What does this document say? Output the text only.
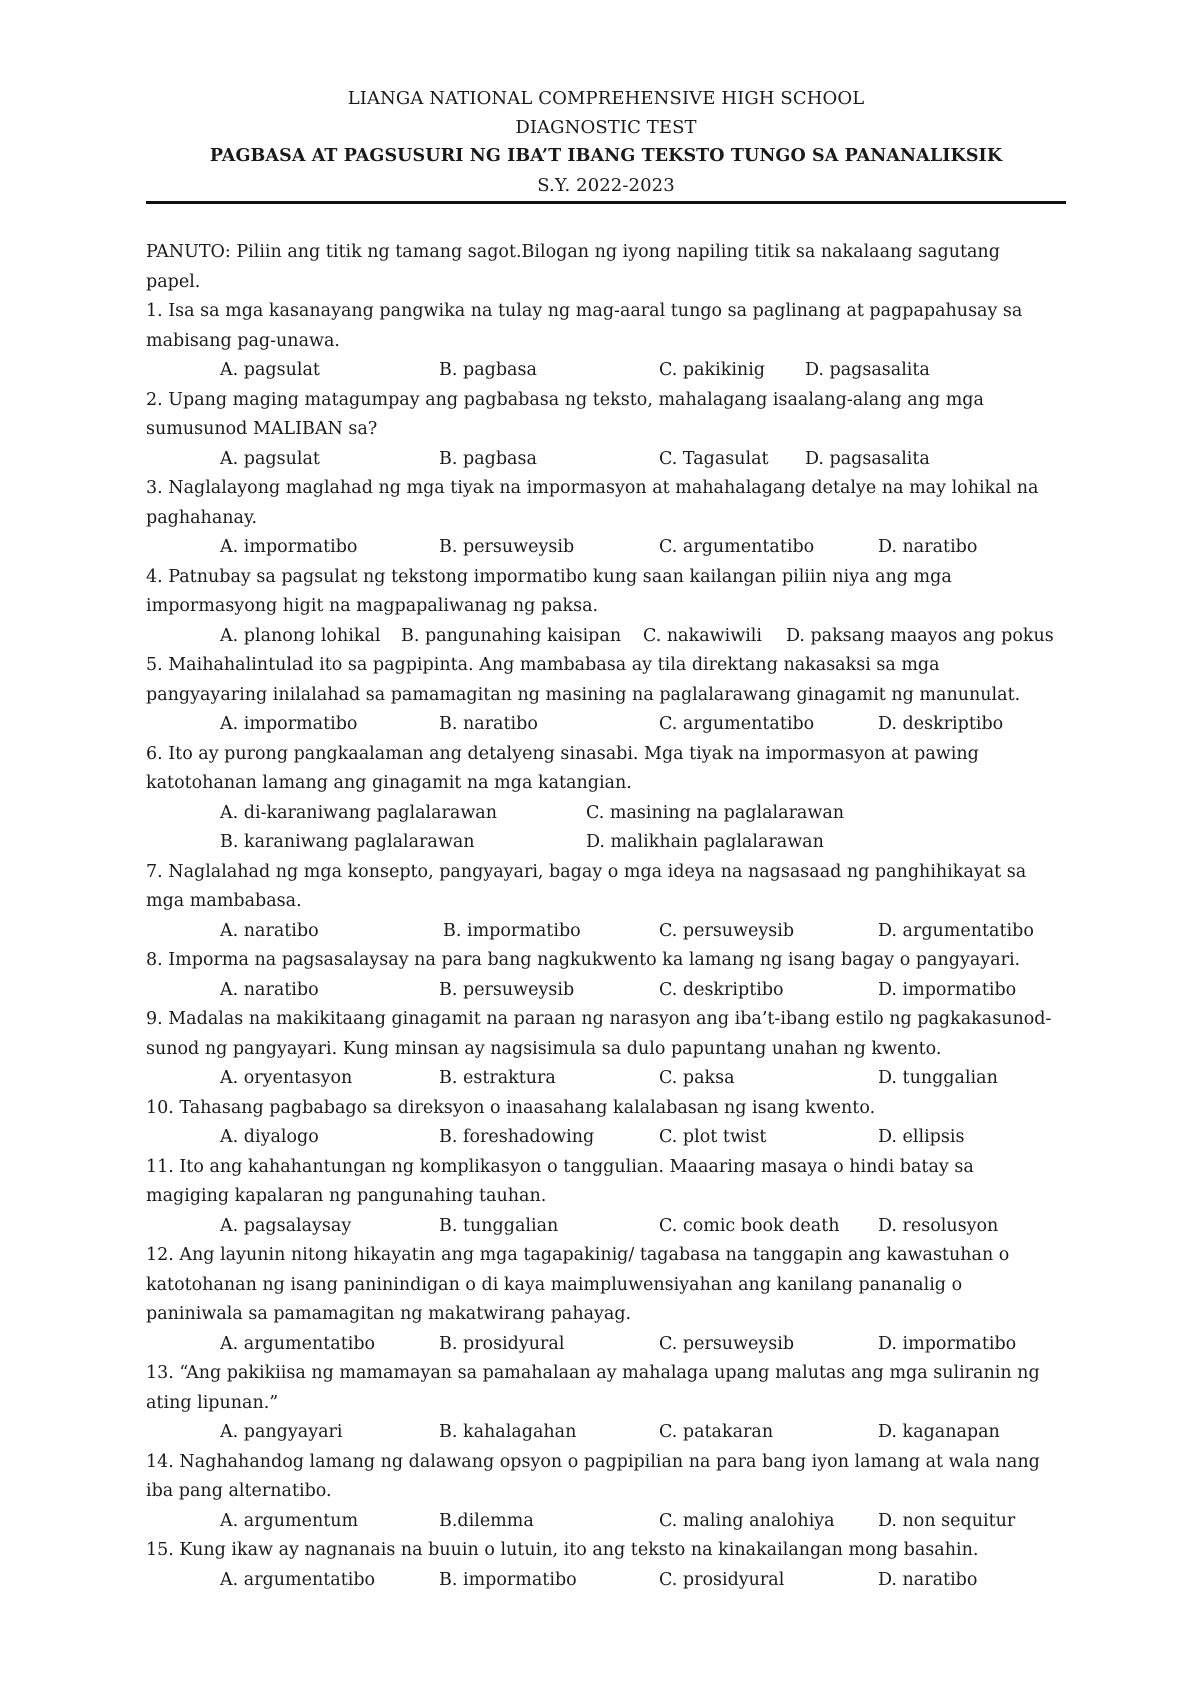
LIANGA NATIONAL COMPREHENSIVE HIGH SCHOOL
DIAGNOSTIC TEST
PAGBASA AT PAGSUSURI NG IBA’T IBANG TEKSTO TUNGO SA PANANALIKSIK
S.Y. 2022-2023
PANUTO: Piliin ang titik ng tamang sagot.Bilogan ng iyong napiling titik sa nakalaang sagutang
papel.
1. Isa sa mga kasanayang pangwika na tulay ng mag-aaral tungo sa paglinang at pagpapahusay sa
mabisang pag-unawa.
A. pagsulat	B. pagbasa	C. pakikinig D. pagsasalita
2. Upang maging matagumpay ang pagbabasa ng teksto, mahalagang isaalang-alang ang mga
sumusunod MALIBAN sa?
A. pagsulat	B. pagbasa	C. Tagasulat D. pagsasalita
3. Naglalayong maglahad ng mga tiyak na impormasyon at mahahalagang detalye na may lohikal na
paghahanay.
A. impormatibo	B. persuweysib	C. argumentatibo	D. naratibo
4. Patnubay sa pagsulat ng tekstong impormatibo kung saan kailangan piliin niya ang mga
impormasyong higit na magpapaliwanag ng paksa.
A. planong lohikal B. pangunahing kaisipan C. nakawiwili D. paksang maayos ang pokus
5. Maihahalintulad ito sa pagpipinta. Ang mambabasa ay tila direktang nakasaksi sa mga
pangyayaring inilalahad sa pamamagitan ng masining na paglalarawang ginagamit ng manunulat.
A. impormatibo	B. naratibo	C. argumentatibo	D. deskriptibo
6. Ito ay purong pangkaalaman ang detalyeng sinasabi. Mga tiyak na impormasyon at pawing
katotohanan lamang ang ginagamit na mga katangian.
A. di-karaniwang paglalarawan	C. masining na paglalarawan
B. karaniwang paglalarawan	D. malikhain paglalarawan
7. Naglalahad ng mga konsepto, pangyayari, bagay o mga ideya na nagsasaad ng panghihikayat sa
mga mambabasa.
A. naratibo	B. impormatibo	C. persuweysib	D. argumentatibo
8. Imporma na pagsasalaysay na para bang nagkukwento ka lamang ng isang bagay o pangyayari.
A. naratibo	B. persuweysib	C. deskriptibo	D. impormatibo
9. Madalas na makikitaang ginagamit na paraan ng narasyon ang iba’t-ibang estilo ng pagkakasunod-
sunod ng pangyayari. Kung minsan ay nagsisimula sa dulo papuntang unahan ng kwento.
A. oryentasyon	B. estraktura	C. paksa	D. tunggalian
10. Tahasang pagbabago sa direksyon o inaasahang kalalabasan ng isang kwento.
A. diyalogo	B. foreshadowing	C. plot twist	D. ellipsis
11. Ito ang kahahantungan ng komplikasyon o tanggulian. Maaaring masaya o hindi batay sa
magiging kapalaran ng pangunahing tauhan.
A. pagsalaysay	B. tunggalian	C. comic book death D. resolusyon
12. Ang layunin nitong hikayatin ang mga tagapakinig/ tagabasa na tanggapin ang kawastuhan o
katotohanan ng isang paninindigan o di kaya maimpluwensiyahan ang kanilang pananalig o
paniniwala sa pamamagitan ng makatwirang pahayag.
A. argumentatibo	B. prosidyural	C. persuweysib	D. impormatibo
13. “Ang pakikiisa ng mamamayan sa pamahalaan ay mahalaga upang malutas ang mga suliranin ng
ating lipunan.”
A. pangyayari	B. kahalagahan	C. patakaran	D. kaganapan
14. Naghahandog lamang ng dalawang opsyon o pagpipilian na para bang iyon lamang at wala nang
iba pang alternatibo.
A. argumentum	B.dilemma	C. maling analohiya D. non sequitur
15. Kung ikaw ay nagnanais na buuin o lutuin, ito ang teksto na kinakailangan mong basahin.
A. argumentatibo	B. impormatibo	C. prosidyural	D. naratibo
